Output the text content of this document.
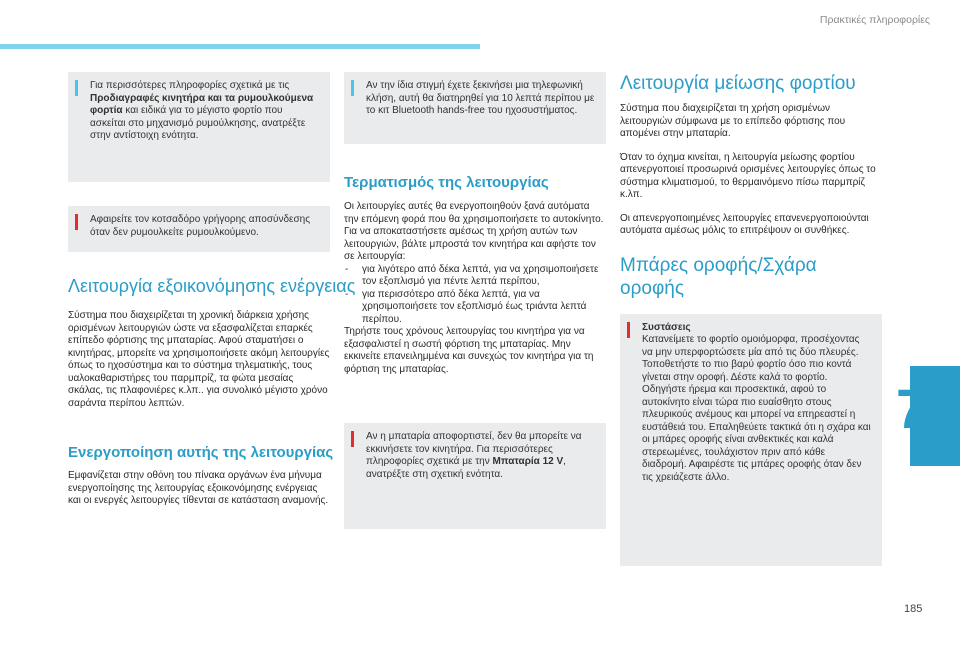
Πρακτικές πληροφορίες

Για περισσότερες πληροφορίες σχετικά με τις Προδιαγραφές κινητήρα και τα ρυμουλκούμενα φορτία και ειδικά για το μέγιστο φορτίο που ασκείται στο μηχανισμό ρυμούλκησης, ανατρέξτε στην αντίστοιχη ενότητα.

Αφαιρείτε τον κοτσαδόρο γρήγορης αποσύνδεσης όταν δεν ρυμουλκείτε ρυμουλκούμενο.

Λειτουργία εξοικονόμησης ενέργειας

Σύστημα που διαχειρίζεται τη χρονική διάρκεια χρήσης ορισμένων λειτουργιών ώστε να εξασφαλίζεται επαρκές επίπεδο φόρτισης της μπαταρίας. Αφού σταματήσει ο κινητήρας, μπορείτε να χρησιμοποιήσετε ακόμη λειτουργίες όπως το ηχοσύστημα και το σύστημα τηλεματικής, τους υαλοκαθαριστήρες του παρμπρίζ, τα φώτα μεσαίας σκάλας, τις πλαφονιέρες κ.λπ.. για συνολικό μέγιστο χρόνο σαράντα περίπου λεπτών.

Ενεργοποίηση αυτής της λειτουργίας

Εμφανίζεται στην οθόνη του πίνακα οργάνων ένα μήνυμα ενεργοποίησης της λειτουργίας εξοικονόμησης ενέργειας και οι ενεργές λειτουργίες τίθενται σε κατάσταση αναμονής.

Αν την ίδια στιγμή έχετε ξεκινήσει μια τηλεφωνική κλήση, αυτή θα διατηρηθεί για 10 λεπτά περίπου με το κιτ Bluetooth hands-free του ηχοσυστήματος.

Τερματισμός της λειτουργίας

Οι λειτουργίες αυτές θα ενεργοποιηθούν ξανά αυτόματα την επόμενη φορά που θα χρησιμοποιήσετε το αυτοκίνητο. Για να αποκαταστήσετε αμέσως τη χρήση αυτών των λειτουργιών, βάλτε μπροστά τον κινητήρα και αφήστε τον σε λειτουργία:

- για λιγότερο από δέκα λεπτά, για να χρησιμοποιήσετε τον εξοπλισμό για πέντε λεπτά περίπου,
- για περισσότερο από δέκα λεπτά, για να χρησιμοποιήσετε τον εξοπλισμό έως τριάντα λεπτά περίπου.

Τηρήστε τους χρόνους λειτουργίας του κινητήρα για να εξασφαλιστεί η σωστή φόρτιση της μπαταρίας. Μην εκκινείτε επανειλημμένα και συνεχώς τον κινητήρα για τη φόρτιση της μπαταρίας.

Αν η μπαταρία αποφορτιστεί, δεν θα μπορείτε να εκκινήσετε τον κινητήρα. Για περισσότερες πληροφορίες σχετικά με την Μπαταρία 12 V, ανατρέξτε στη σχετική ενότητα.

Λειτουργία μείωσης φορτίου

Σύστημα που διαχειρίζεται τη χρήση ορισμένων λειτουργιών σύμφωνα με το επίπεδο φόρτισης που απομένει στην μπαταρία.

Όταν το όχημα κινείται, η λειτουργία μείωσης φορτίου απενεργοποιεί προσωρινά ορισμένες λειτουργίες όπως το σύστημα κλιματισμού, το θερμαινόμενο πίσω παρμπρίζ κ.λπ.

Οι απενεργοποιημένες λειτουργίες επανενεργοποιούνται αυτόματα αμέσως μόλις το επιτρέψουν οι συνθήκες.

Μπάρες οροφής/Σχάρα οροφής

Συστάσεις

Κατανείμετε το φορτίο ομοιόμορφα, προσέχοντας να μην υπερφορτώσετε μία από τις δύο πλευρές. Τοποθετήστε το πιο βαρύ φορτίο όσο πιο κοντά γίνεται στην οροφή. Δέστε καλά το φορτίο. Οδηγήστε ήρεμα και προσεκτικά, αφού το αυτοκίνητο είναι τώρα πιο ευαίσθητο στους πλευρικούς ανέμους και μπορεί να επηρεαστεί η ευστάθειά του. Επαληθεύετε τακτικά ότι η σχάρα και οι μπάρες οροφής είναι ανθεκτικές και καλά στερεωμένες, τουλάχιστον πριν από κάθε διαδρομή. Αφαιρέστε τις μπάρες οροφής όταν δεν τις χρειάζεστε άλλο.

7
185
